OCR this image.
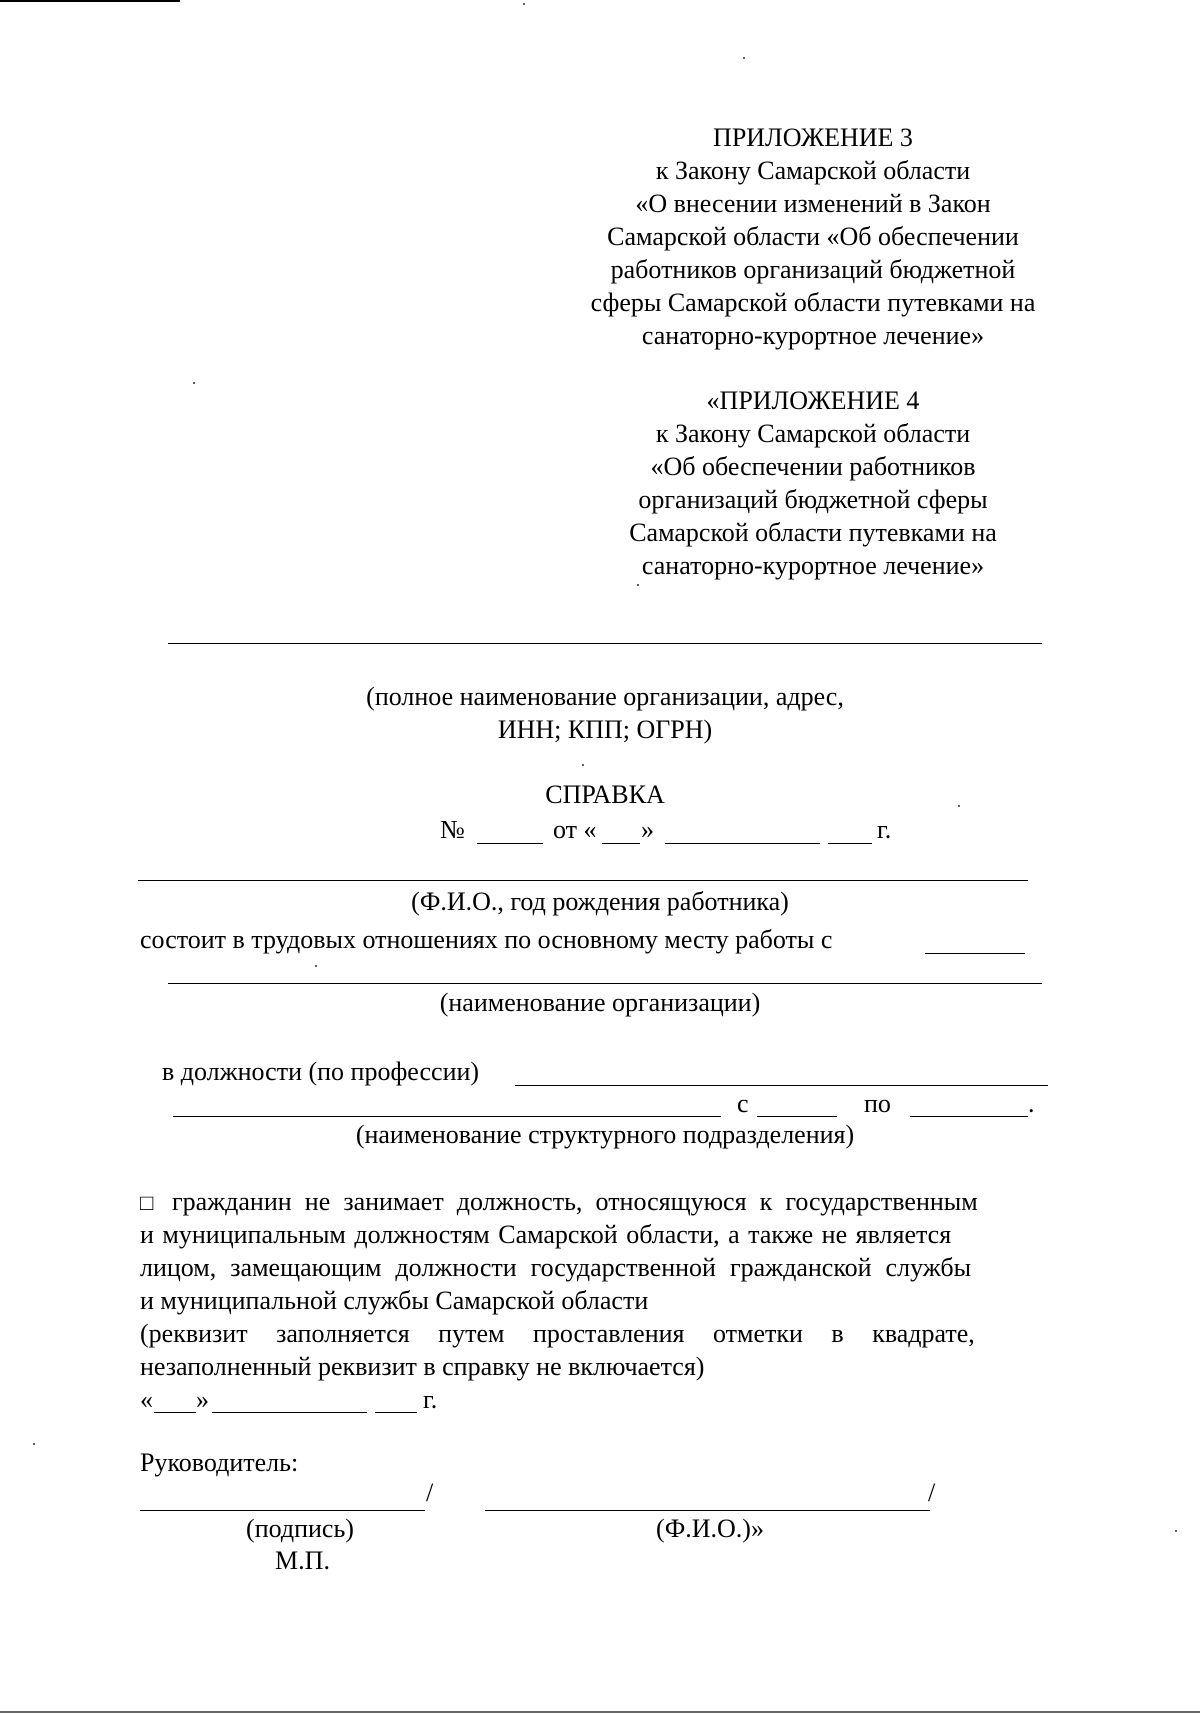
ПРИЛОЖЕНИЕ 3
к Закону Самарской области
«О внесении изменений в Закон
Самарской области «Об обеспечении
работников организаций бюджетной
сферы Самарской области путевками на
санаторно-курортное лечение»
«ПРИЛОЖЕНИЕ 4
к Закону Самарской области
«Об обеспечении работников
организаций бюджетной сферы
Самарской области путевками на
санаторно-курортное лечение»
(полное наименование организации, адрес,
ИНН; КПП; ОГРН)
СПРАВКА
№	от « »	г.
(Ф.И.О., год рождения работника)
состоит в трудовых отношениях по основному месту работы с
(наименование организации)
в должности (по профессии)
с	по	.
(наименование структурного подразделения)
□ гражданин не занимает должность, относящуюся к государственным
и муниципальным должностям Самарской области, а также не является
лицом, замещающим должности государственной гражданской службы
и муниципальной службы Самарской области
(реквизит заполняется путем проставления отметки в квадрате,
незаполненный реквизит в справку не включается)
« »	г.
Руководитель:
/	/
(подпись)	(Ф.И.О.)»
М.П.
